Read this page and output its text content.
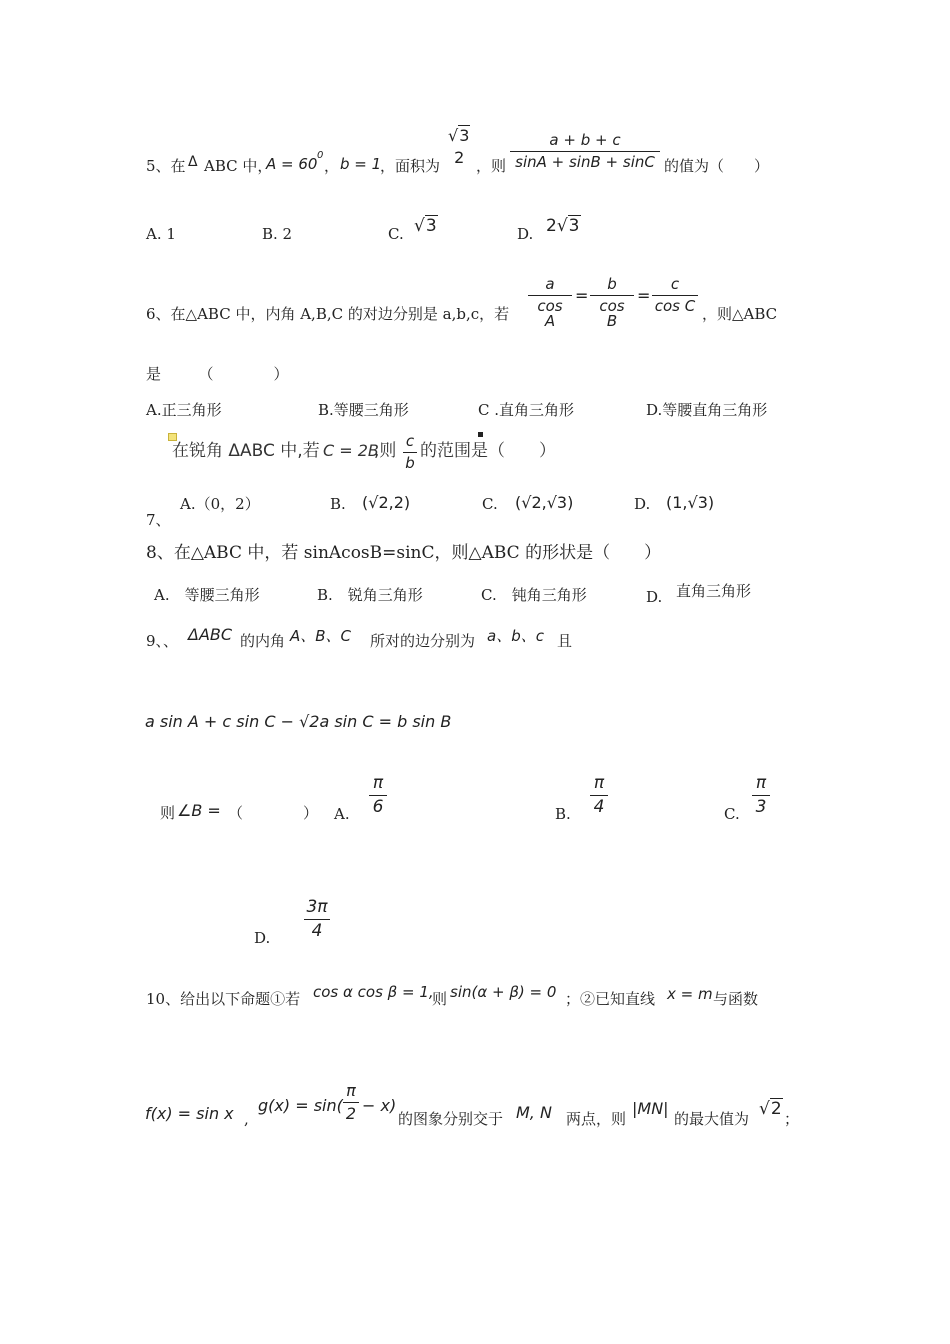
5、在 Δ ABC 中，
A = 60 0
， b = 1
，面积为
√3
2 ，则 $\frac{a + b + c}{\sin A + \sin B + \sin C}$ 的值为（　　）
A. 1	B. 2	C. √3	D. 2√3
6、在△ABC 中，内角 A,B,C 的对边分别是 a,b,c，若 $\frac{a}{\text{cos A}} = \frac{b}{\text{cos B}} = \frac{c}{\text{cos C}}$ ，则△ABC
是　　　（　　　　）
A.正三角形	B.等腰三角形	C .直角三角形	D.等腰直角三角形
在锐角 ΔABC 中,若 C = 2B
,则 $\frac{c}{b}$ 的范围是（　　）
7、
A.（0，2）	B. (√2,2)	C. (√2,√3)	D. (1,√3)
8、在△ABC 中，若 sinAcosB=sinC，则△ABC 的形状是（　　）
A.　等腰三角形	B.　锐角三角形	C.　钝角三角形	D. 直角三角形
9、、 ΔABC 的内角 A、B、C 所对的边分别为 a、b、c 且
a sin A + c sin C − √2a sin C = b sin B
则 ∠B = （　　　　） A. $\frac{\pi}{6}$	B. $\frac{\pi}{4}$	C. $\frac{\pi}{3}$
D. $\frac{3\pi}{4}$
10、给出以下命题①若 cos α cos β = 1,
则 sin(α + β) = 0 ；②已知直线 x = m 与函数
f(x) = sin x ,
$g(x) = \sin( \frac{\pi}{2} - x)$
的图象分别交于 M, N 两点，则
|MN|
的最大值为 √2 ；
